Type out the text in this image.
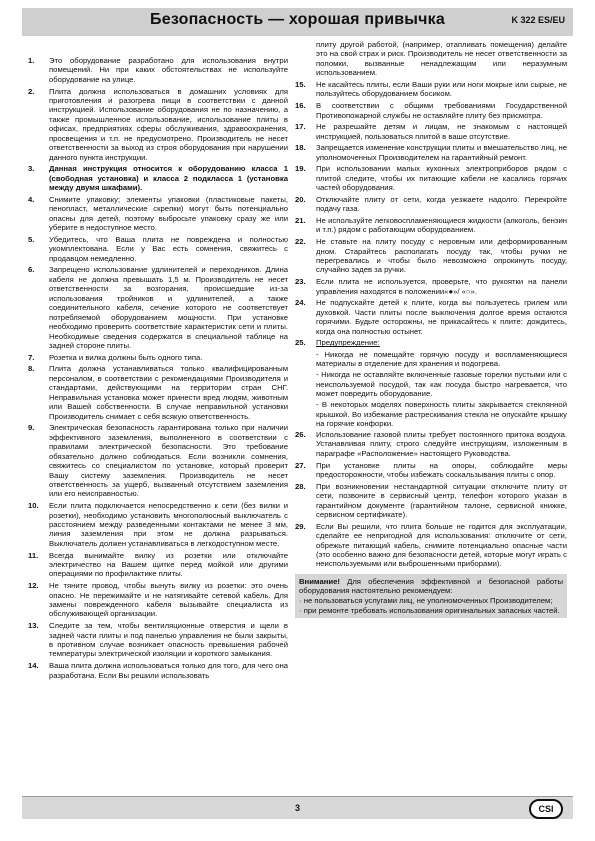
Безопасность — хорошая привычка	K 322 ES/EU
1.	Это оборудование разработано для использования внутри помещений. Ни при каких обстоятельствах не используйте оборудование на улице.
2.	Плита должна использоваться в домашних условиях для приготовления и разогрева пищи в соответствии с данной инструкцией. Использование оборудования не по назначению, а также промышленное использование, использование плиты в офисах, предприятиях сферы обслуживания, здравоохранения, просвещения и т.п. не предусмотрено. Производитель не несет ответственности за выход из строя оборудования при нарушении данного пункта инструкции.
3.	Данная инструкция относится к оборудованию класса 1 (свободная установка) и класса 2 подкласса 1 (установка между двумя шкафами).
4.	Снимите упаковку; элементы упаковки (пластиковые пакеты, пенопласт, металлические скрепки) могут быть потенциально опасны для детей, поэтому выбросьте упаковку сразу же или уберите в недоступное место.
5.	Убедитесь, что Ваша плита не повреждена и полностью укомплектована. Если у Вас есть сомнения, свяжитесь с продавцом немедленно.
6.	Запрещено использование удлинителей и переходников. Длина кабеля не должна превышать 1,5 м. Производитель не несет ответственности за возгорания, происшедшие из-за использования тройников и удлинителей, а также соединительного кабеля, сечение которого не соответствует потребляемой оборудованием мощности. При установке необходимо проверить соответствие характеристик сети и плиты. Необходимые сведения содержатся в специальной таблице на задней стороне плиты.
7.	Розетка и вилка должны быть одного типа.
8.	Плита должна устанавливаться только квалифицированным персоналом, в соответствии с рекомендациями Производителя и стандартами, действующими на территории стран СНГ. Неправильная установка может принести вред людям, животным или Вашей собственности. В случае неправильной установки Производитель снимает с себя всякую ответственность.
9.	Электрическая безопасность гарантирована только при наличии эффективного заземления, выполненного в соответствии с правилами электрической безопасности. Это требование обязательно должно соблюдаться. Если возникли сомнения, свяжитесь со специалистом по установке, который проверит Вашу систему заземления. Производитель не несет ответственность за ущерб, вызванный отсутствием заземления или его неисправностью.
10.	Если плита подключается непосредственно к сети (без вилки и розетки), необходимо установить многополюсный выключатель с расстоянием между разведенными контактами не менее 3 мм, линия заземления при этом не должна разрываться. Выключатель должен устанавливаться в легкодоступном месте.
11.	Всегда вынимайте вилку из розетки или отключайте электричество на Вашем щитке перед мойкой или другими операциями по профилактике плиты.
12.	Не тяните провод, чтобы вынуть вилку из розетки: это очень опасно. Не пережимайте и не натягивайте сетевой кабель. Для замены поврежденного кабеля вызывайте специалиста из обслуживающей организации.
13.	Следите за тем, чтобы вентиляционные отверстия и щели в задней части плиты и под панелью управления не были закрыты, в противном случае возникает опасность превышения рабочей температуры электрической изоляции и короткого замыкания.
14.	Ваша плита должна использоваться только для того, для чего она разработана. Если Вы решили использовать
плиту другой работой, (например, отапливать помещения) делайте это на свой страх и риск. Производитель не несет ответственности за поломки, вызванные ненадлежащим или неразумным использованием.
15.	Не касайтесь плиты, если Ваши руки или ноги мокрые или сырые, не пользуйтесь оборудованием босиком.
16.	В соответствии с общими требованиями Государственной Противопожарной службы не оставляйте плиту без присмотра.
17.	Не разрешайте детям и лицам, не знакомым с настоящей инструкцией, пользоваться плитой в ваше отсутствие.
18.	Запрещается изменение конструкции плиты и вмешательство лиц, не уполномоченных Производителем на гарантийный ремонт.
19.	При использовании малых кухонных электроприборов рядом с плитой следите, чтобы их питающие кабели не касались горячих частей оборудования.
20.	Отключайте плиту от сети, когда уезжаете надолго. Перекройте подачу газа.
21.	Не используйте легковоспламеняющиеся жидкости (алкоголь, бензин и т.п.) рядом с работающим оборудованием.
22.	Не ставьте на плиту посуду с неровным или деформированным дном. Старайтесь располагать посуду так, чтобы ручки не перегревались и чтобы было невозможно опрокинуть посуду, случайно задев за ручки.
23.	Если плита не используется, проверьте, что рукоятки на панели управления находятся в положении«●»/ «○».
24.	Не подпускайте детей к плите, когда вы пользуетесь грилем или духовкой. Части плиты после выключения долгое время остаются горячими. Будьте осторожны, не прикасайтесь к плите: дождитесь, когда она полностью остынет.
25.	Предупреждение:
- Никогда не помещайте горячую посуду и воспламеняющиеся материалы в отделение для хранения и подогрева.
- Никогда не оставляйте включенные газовые горелки пустыми или с неиспользуемой посудой, так как посуда быстро нагревается, что может повредить оборудование.
- В некоторых моделях поверхность плиты закрывается стеклянной крышкой. Во избежание растрескивания стекла не опускайте крышку на горячие конфорки.
26.	Использование газовой плиты требует постоянного притока воздуха. Устанавливая плиту, строго следуйте инструкциям, изложенным в параграфе «Расположение» настоящего Руководства.
27.	При установке плиты на опоры, соблюдайте меры предосторожности, чтобы избежать соскальзывания плиты с опор.
28.	При возникновении нестандартной ситуации отключите плиту от сети, позвоните в сервисный центр, телефон которого указан в гарантийном документе (гарантийном талоне, сервисной книжке, сервисном сертификате).
29.	Если Вы решили, что плита больше не годится для эксплуатации, сделайте ее непригодной для использования: отключите от сети, обрежьте питающий кабель, снимите потенциально опасные части (это особенно важно для безопасности детей, которые могут играть с неиспользуемыми или выброшенными приборами).
Внимание! Для обеспечения эффективной и безопасной работы оборудования настоятельно рекомендуем:
· не пользоваться услугами лиц, не уполномоченных Производителем;
· при ремонте требовать использования оригинальных запасных частей.
3	CSI
